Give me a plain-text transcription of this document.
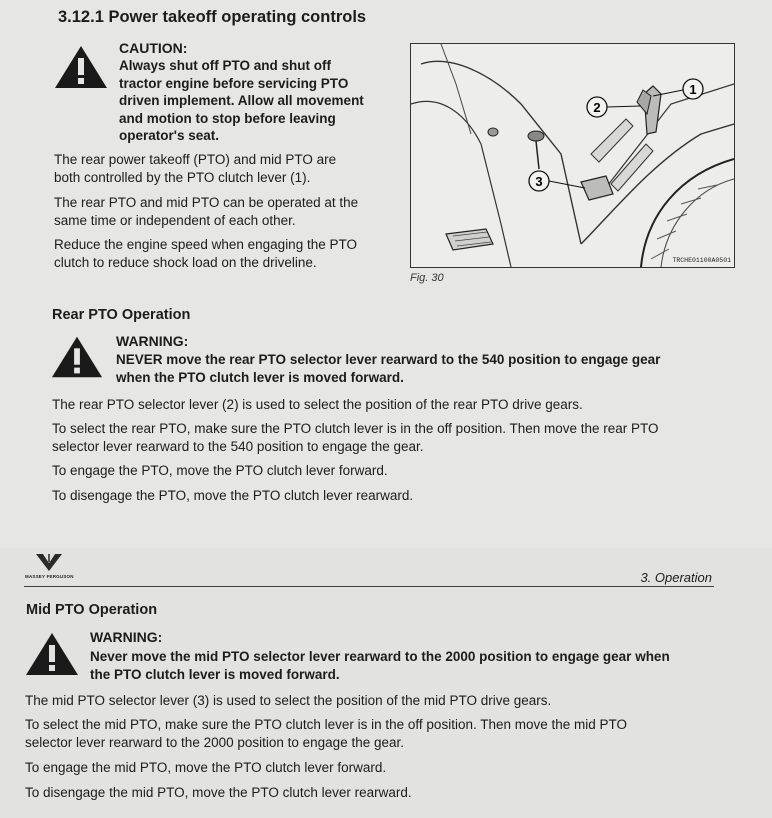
3.12.1 Power takeoff operating controls
CAUTION:
Always shut off PTO and shut off
tractor engine before servicing PTO
driven implement. Allow all movement
and motion to stop before leaving
operator's seat.
The rear power takeoff (PTO) and mid PTO are
both controlled by the PTO clutch lever (1).
The rear PTO and mid PTO can be operated at the
same time or independent of each other.
Reduce the engine speed when engaging the PTO
clutch to reduce shock load on the driveline.
1
2
3
TRCHE01100A0501
Fig. 30
Rear PTO Operation
WARNING:
NEVER move the rear PTO selector lever rearward to the 540 position to engage gear
when the PTO clutch lever is moved forward.
The rear PTO selector lever (2) is used to select the position of the rear PTO drive gears.
To select the rear PTO, make sure the PTO clutch lever is in the off position. Then move the rear PTO
selector lever rearward to the 540 position to engage the gear.
To engage the PTO, move the PTO clutch lever forward.
To disengage the PTO, move the PTO clutch lever rearward.
MASSEY FERGUSON	3. Operation
Mid PTO Operation
WARNING:
Never move the mid PTO selector lever rearward to the 2000 position to engage gear when
the PTO clutch lever is moved forward.
The mid PTO selector lever (3) is used to select the position of the mid PTO drive gears.
To select the mid PTO, make sure the PTO clutch lever is in the off position. Then move the mid PTO
selector lever rearward to the 2000 position to engage the gear.
To engage the mid PTO, move the PTO clutch lever forward.
To disengage the mid PTO, move the PTO clutch lever rearward.
